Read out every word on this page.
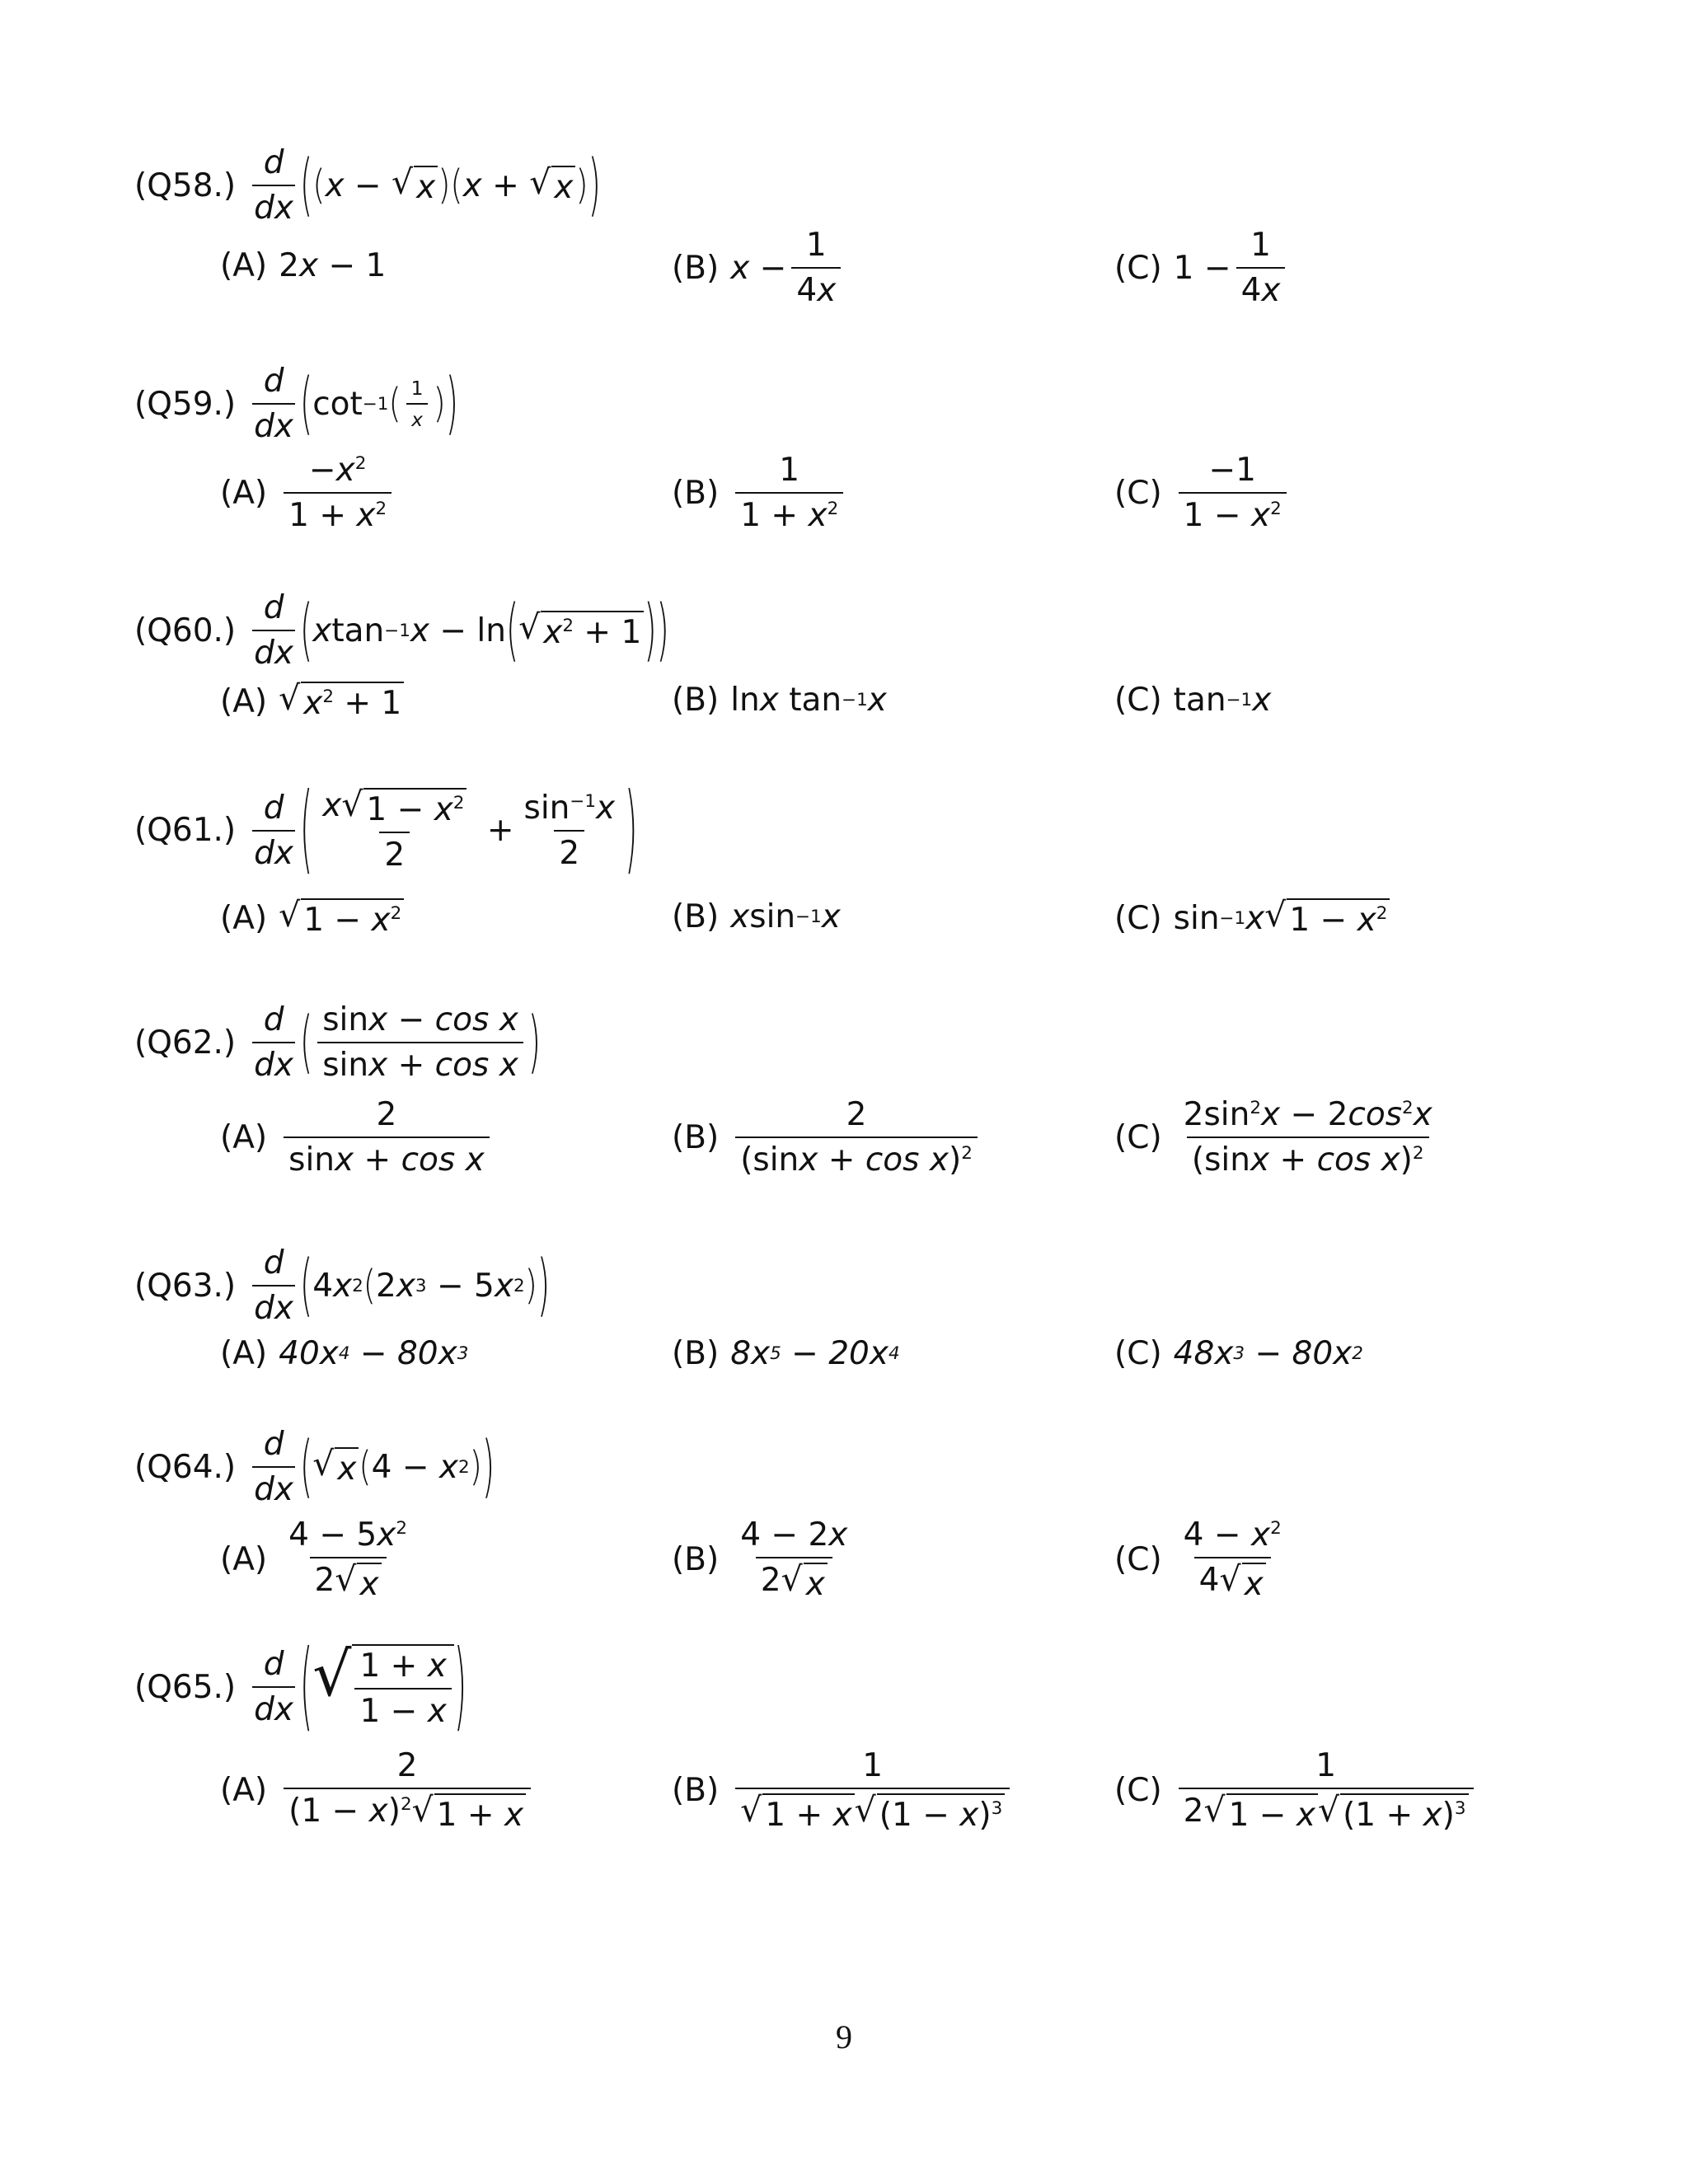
$(Q58.) \frac{d}{dx}$ ( ( x − √ x ) ( x + √ x ) )
(A) 2 x − 1	(B) $x - \frac{1}{4x}$	(C) $1 - \frac{1}{4x}$
$(Q59.) \frac{d}{dx}$ ( cot −1 ( $\frac{1}{x}$ ) )
$(A) \frac{-x^2}{1 + x^2}$	$(B) \frac{1}{1 + x^2}$	$(C) \frac{-1}{1 - x^2}$
$(Q60.) \frac{d}{dx}$ ( x tan −1 x − ln ( √ $x^2 + 1$ ) )
(A) √ $x^2 + 1$	(B) ln x tan −1 x	(C) tan −1 x
$(Q61.) \frac{d}{dx}$ ( $\frac{x √ 1 - x^2}{2} + \frac{\sin^{-1}x}{2}$ )
(A) √ $1 - x^2$	(B) x sin −1 x	(C) sin −1 x √ $1 - x^2$
$(Q62.) \frac{d}{dx}$ ( $\frac{\text{sinx − cos x}}{\text{sinx + cos x}}$ )
$(A) \frac{2}{\text{sinx + cos x}}$	$(B) \frac{2}{(\sin x + \cos x)^2}$	$(C) \frac{2\sin^2x - 2\cos^2x}{(\sin x + \cos x)^2}$
$(Q63.) \frac{d}{dx}$ ( 4 x 2 ( 2 x 3 − 5 x 2 ) )
(A) 40 x 4 − 80 x 3	(B) 8 x 5 − 20 x 4	(C) 48 x 3 − 80 x 2
$(Q64.) \frac{d}{dx}$ ( √ x ( 4 − x 2 ) )
$(A) \frac{4 - 5x^2}{2 √ x}$	$(B) \frac{4 - 2x}{2 √ x}$	$(C) \frac{4 - x^2}{4 √ x}$
$(Q65.) \frac{d}{dx}$ ( √ $\frac{1 + x}{1 - x}$ )
$(A) \frac{2}{(1 - x)^2 √ 1 + x}$	$(B) \frac{1}{√ 1 + x √ (1 - x)^3}$	$(C) \frac{1}{2 √ 1 - x √ (1 + x)^3}$
9
